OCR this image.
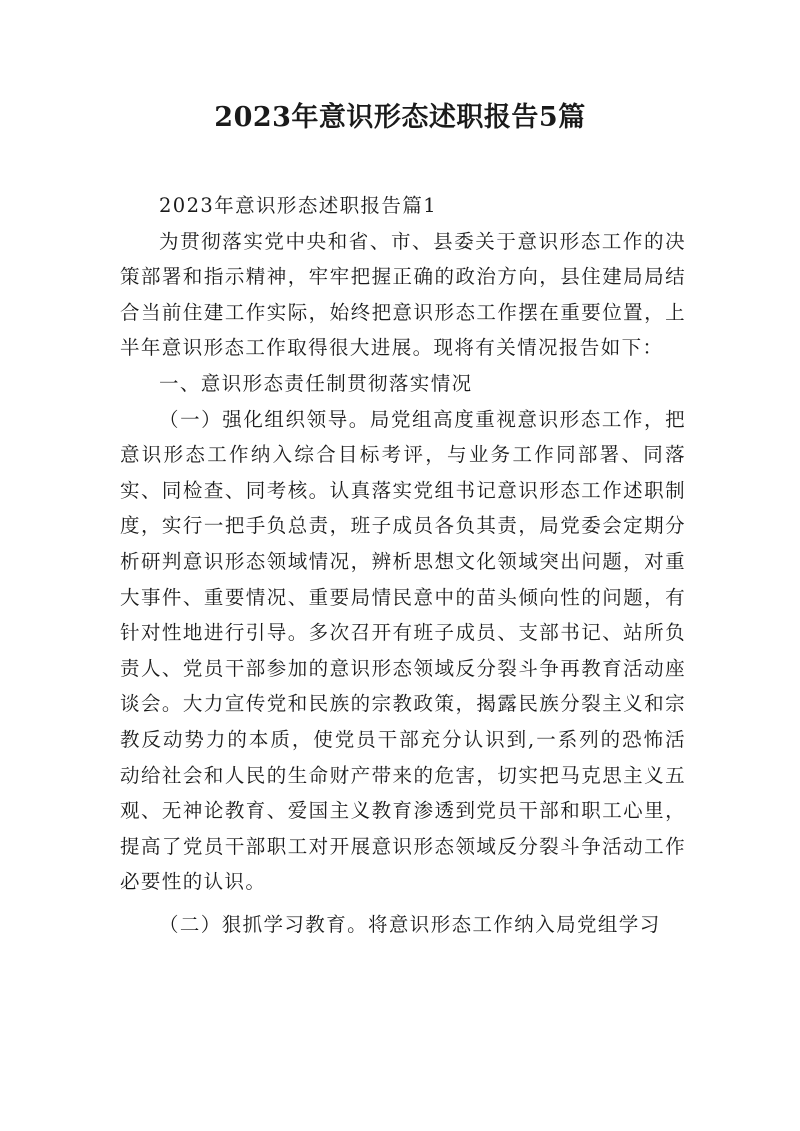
2023年意识形态述职报告5篇

2023年意识形态述职报告篇1

为贯彻落实党中央和省、市、县委关于意识形态工作的决策部署和指示精神，牢牢把握正确的政治方向，县住建局局结合当前住建工作实际，始终把意识形态工作摆在重要位置，上半年意识形态工作取得很大进展。现将有关情况报告如下：

一、意识形态责任制贯彻落实情况

（一）强化组织领导。局党组高度重视意识形态工作，把意识形态工作纳入综合目标考评，与业务工作同部署、同落实、同检查、同考核。认真落实党组书记意识形态工作述职制度，实行一把手负总责，班子成员各负其责，局党委会定期分析研判意识形态领域情况，辨析思想文化领域突出问题，对重大事件、重要情况、重要局情民意中的苗头倾向性的问题，有针对性地进行引导。多次召开有班子成员、支部书记、站所负责人、党员干部参加的意识形态领域反分裂斗争再教育活动座谈会。大力宣传党和民族的宗教政策，揭露民族分裂主义和宗教反动势力的本质，使党员干部充分认识到,一系列的恐怖活动给社会和人民的生命财产带来的危害，切实把马克思主义五观、无神论教育、爱国主义教育渗透到党员干部和职工心里，提高了党员干部职工对开展意识形态领域反分裂斗争活动工作必要性的认识。

（二）狠抓学习教育。将意识形态工作纳入局党组学习
